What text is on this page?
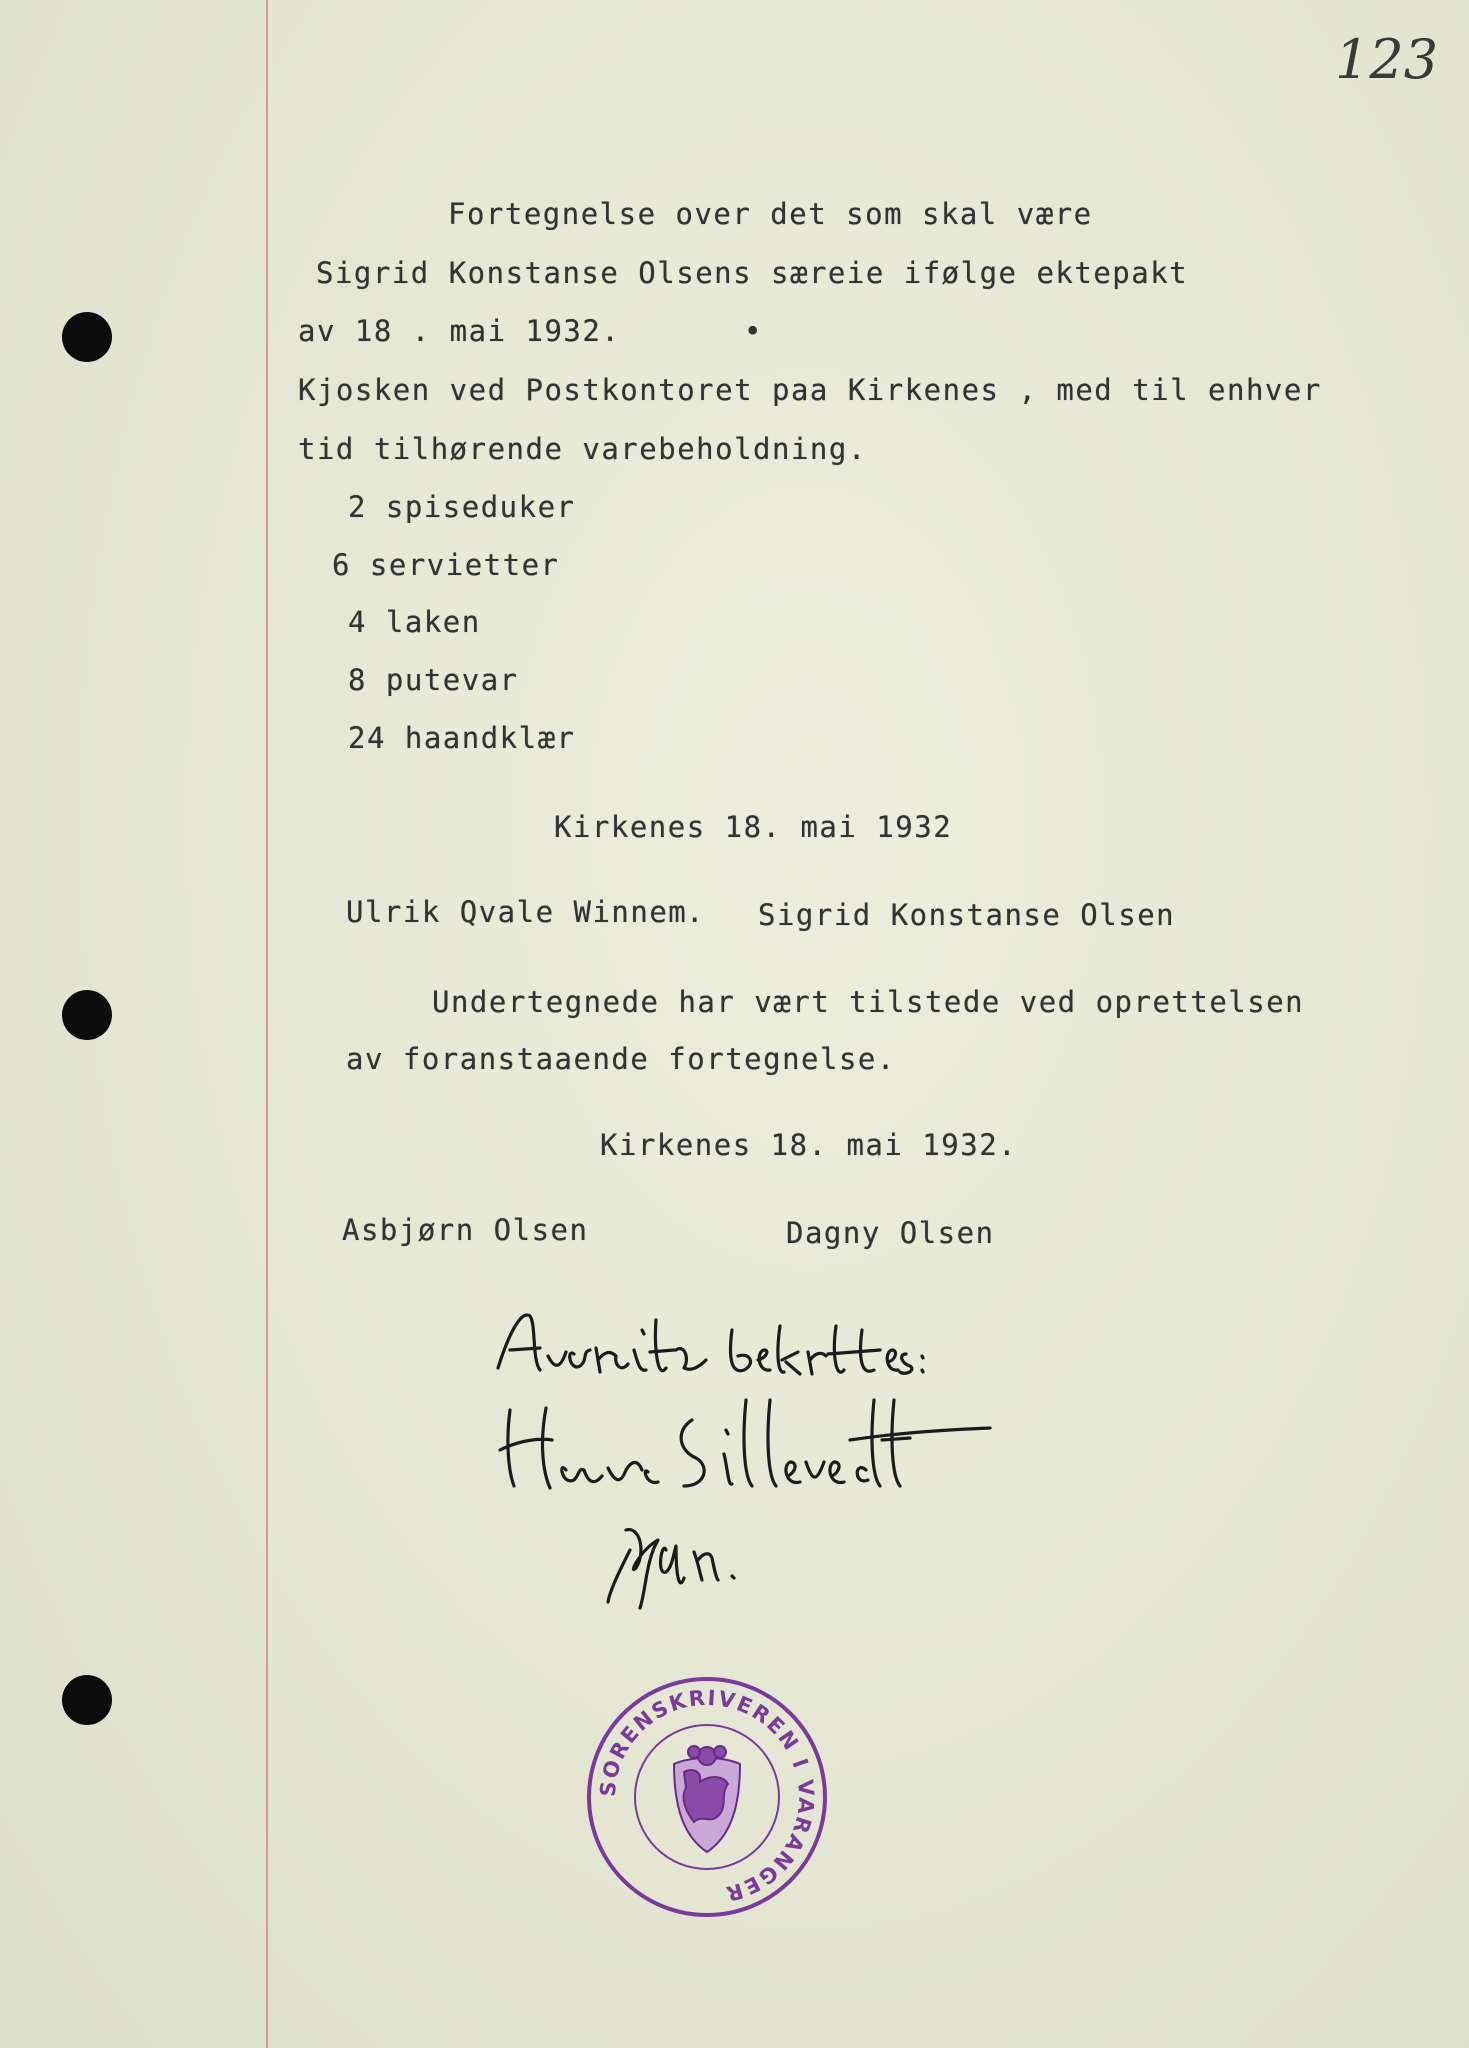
123
Fortegnelse over det som skal være
Sigrid Konstanse Olsens særeie ifølge ektepakt
av 18 . mai 1932.	•
Kjosken ved Postkontoret paa Kirkenes , med til enhver
tid tilhørende varebeholdning.
2 spiseduker
6 servietter
4 laken
8 putevar
24 haandklær
Kirkenes 18. mai 1932
Ulrik Qvale Winnem
. Sigrid Konstanse Olsen
Undertegnede har vært tilstede ved oprettelsen
av foranstaaende fortegnelse.
Kirkenes 18. mai 1932.
Asbjørn Olsen	Dagny Olsen
SORENSKRIVEREN I VARANGER
